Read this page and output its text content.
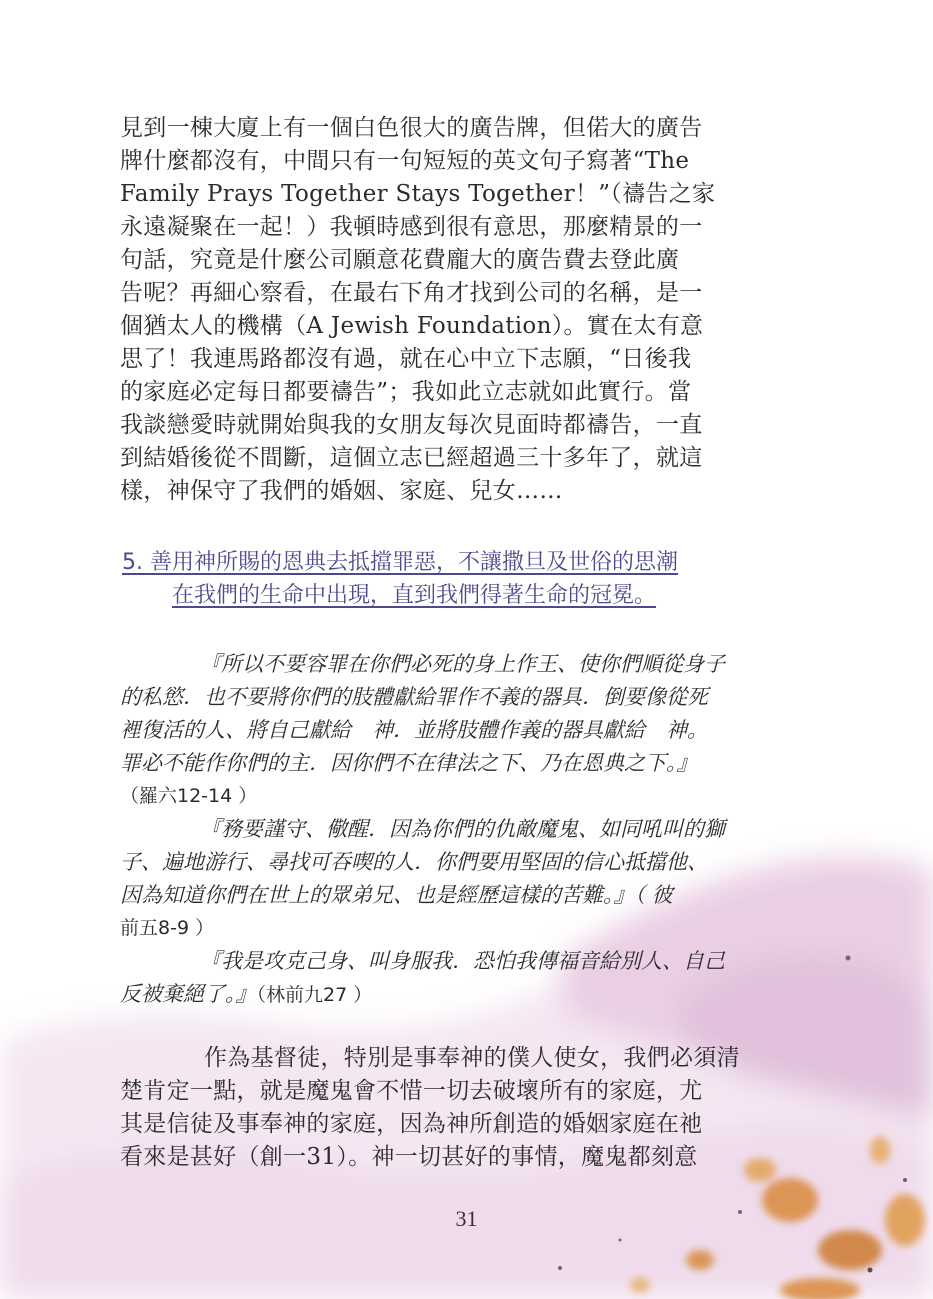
見到一棟大廈上有一個白色很大的廣告牌，但偌大的廣告

牌什麼都沒有，中間只有一句短短的英文句子寫著“The

Family Prays Together Stays Together！”（禱告之家

永遠凝聚在一起！）我頓時感到很有意思，那麼精景的一

句話，究竟是什麼公司願意花費龐大的廣告費去登此廣

告呢？再細心察看，在最右下角才找到公司的名稱，是一

個猶太人的機構（A Jewish Foundation）。實在太有意

思了！我連馬路都沒有過，就在心中立下志願，“日後我

的家庭必定每日都要禱告”；我如此立志就如此實行。當

我談戀愛時就開始與我的女朋友每次見面時都禱告，一直

到結婚後從不間斷，這個立志已經超過三十多年了，就這

樣，神保守了我們的婚姻、家庭、兒女……

5. 善用神所賜的恩典去抵擋罪惡，不讓撒旦及世俗的思潮
在我們的生命中出現，直到我們得著生命的冠冕。

『所以不要容罪在你們必死的身上作王、使你們順從身子

的私慾．也不要將你們的肢體獻給罪作不義的器具．倒要像從死

裡復活的人、將自己獻給　神．並將肢體作義的器具獻給　神。

罪必不能作你們的主．因你們不在律法之下、乃在恩典之下。』

（羅六12-14 ）

『務要謹守、儆醒．因為你們的仇敵魔鬼、如同吼叫的獅

子、遍地游行、尋找可吞喫的人．你們要用堅固的信心抵擋他、

因為知道你們在世上的眾弟兄、也是經歷這樣的苦難。』（ 彼

前五8-9 ）

『我是攻克己身、叫身服我．恐怕我傳福音給別人、自己

反被棄絕了。』（林前九27 ）

作為基督徒，特別是事奉神的僕人使女，我們必須清

楚肯定一點，就是魔鬼會不惜一切去破壞所有的家庭，尤

其是信徒及事奉神的家庭，因為神所創造的婚姻家庭在祂

看來是甚好（創一31）。神一切甚好的事情，魔鬼都刻意

31
